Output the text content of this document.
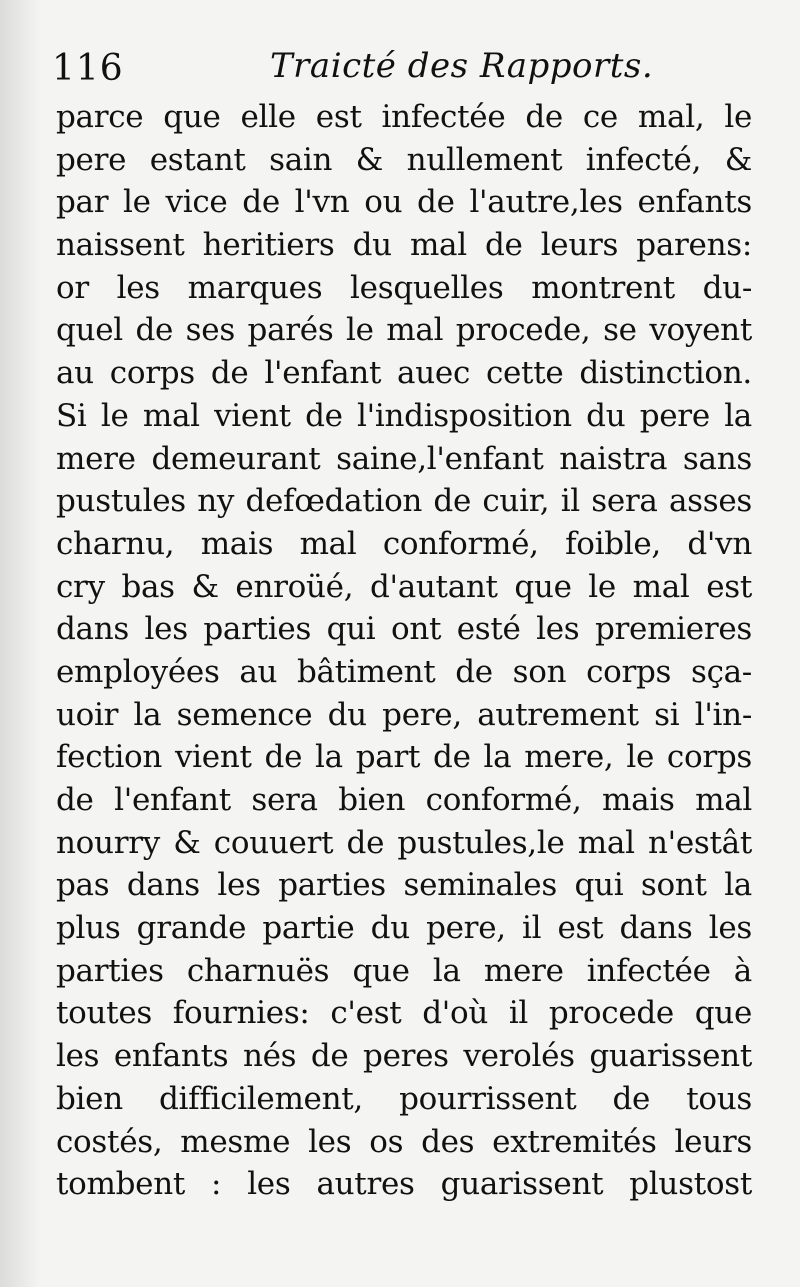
116	Traicté des Rapports.
parce que elle est infectée de ce mal, le
pere estant sain & nullement infecté, &
par le vice de l'vn ou de l'autre,les enfants
naissent heritiers du mal de leurs parens:
or les marques lesquelles montrent du-
quel de ses parés le mal procede, se voyent
au corps de l'enfant auec cette distinction.
Si le mal vient de l'indisposition du pere la
mere demeurant saine,l'enfant naistra sans
pustules ny defœdation de cuir, il sera asses
charnu, mais mal conformé, foible, d'vn
cry bas & enroüé, d'autant que le mal est
dans les parties qui ont esté les premieres
employées au bâtiment de son corps sça-
uoir la semence du pere, autrement si l'in-
fection vient de la part de la mere, le corps
de l'enfant sera bien conformé, mais mal
nourry & couuert de pustules,le mal n'estât
pas dans les parties seminales qui sont la
plus grande partie du pere, il est dans les
parties charnuës que la mere infectée à
toutes fournies: c'est d'où il procede que
les enfants nés de peres verolés guarissent
bien difficilement, pourrissent de tous
costés, mesme les os des extremités leurs
tombent : les autres guarissent plustost
